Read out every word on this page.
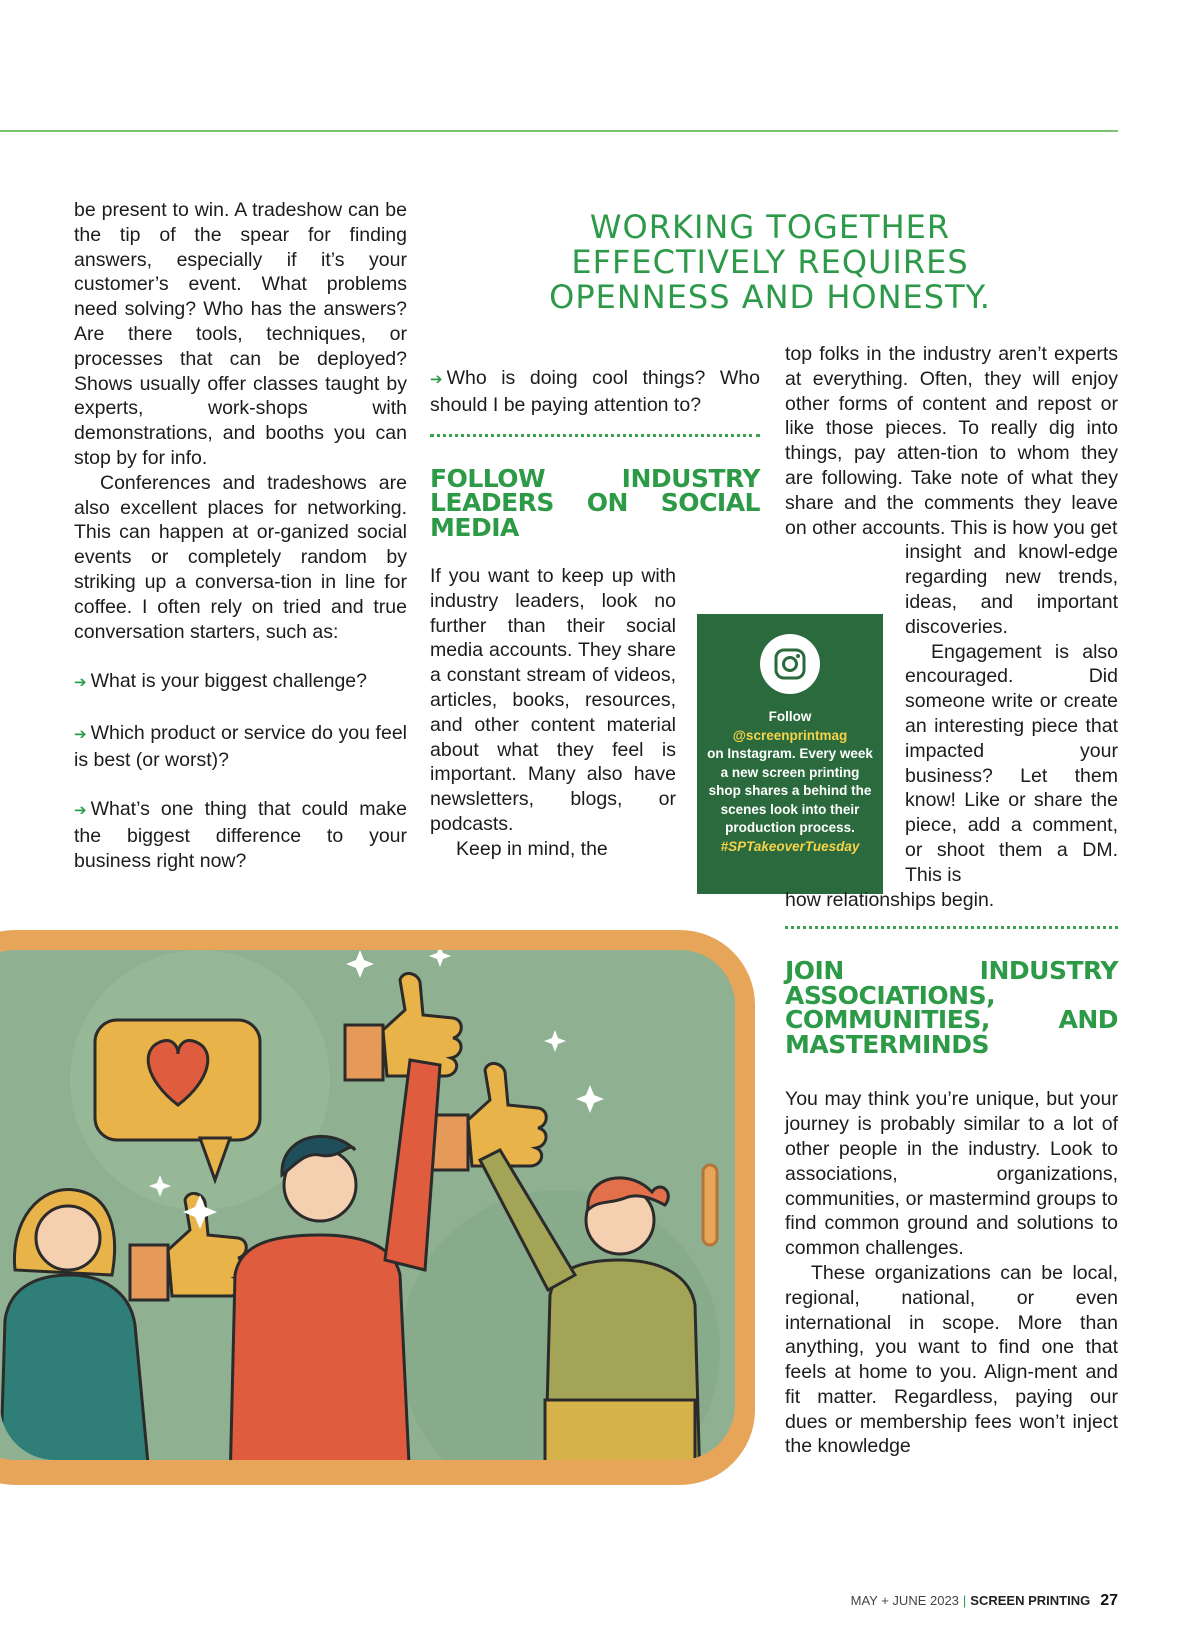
be present to win. A tradeshow can be the tip of the spear for finding answers, especially if it’s your customer’s event. What problems need solving? Who has the answers? Are there tools, techniques, or processes that can be deployed? Shows usually offer classes taught by experts, work-shops with demonstrations, and booths you can stop by for info.

Conferences and tradeshows are also excellent places for networking. This can happen at or-ganized social events or completely random by striking up a conversa-tion in line for coffee. I often rely on tried and true conversation starters, such as:

➔ What is your biggest challenge?

➔ Which product or service do you feel is best (or worst)?

➔ What’s one thing that could make the biggest difference to your business right now?

WORKING TOGETHER EFFECTIVELY REQUIRES OPENNESS AND HONESTY.

➔ Who is doing cool things? Who should I be paying attention to?

FOLLOW INDUSTRY LEADERS ON SOCIAL MEDIA

If you want to keep up with industry leaders, look no further than their social media accounts. They share a constant stream of videos, articles, books, resources, and other content material about what they feel is important. Many also have newsletters, blogs, or podcasts.

Keep in mind, the

Follow
@screenprintmag
on Instagram. Every week a new screen printing shop shares a behind the scenes look into their production process.
#SPTakeoverTuesday

top folks in the industry aren’t experts at everything. Often, they will enjoy other forms of content and repost or like those pieces. To really dig into things, pay atten-tion to whom they are following. Take note of what they share and the comments they leave on other accounts. This is how you get

insight and knowl-edge regarding new trends, ideas, and important discoveries.

Engagement is also encouraged. Did someone write or create an interesting piece that impacted your business? Let them know! Like or share the piece, add a comment, or shoot them a DM. This is

how relationships begin.

JOIN INDUSTRY ASSOCIATIONS, COMMUNITIES, AND MASTERMINDS

You may think you’re unique, but your journey is probably similar to a lot of other people in the industry. Look to associations, organizations, communities, or mastermind groups to find common ground and solutions to common challenges.

These organizations can be local, regional, national, or even international in scope. More than anything, you want to find one that feels at home to you. Align-ment and fit matter. Regardless, paying our dues or membership fees won’t inject the knowledge

MAY + JUNE 2023 | SCREEN PRINTING 27
